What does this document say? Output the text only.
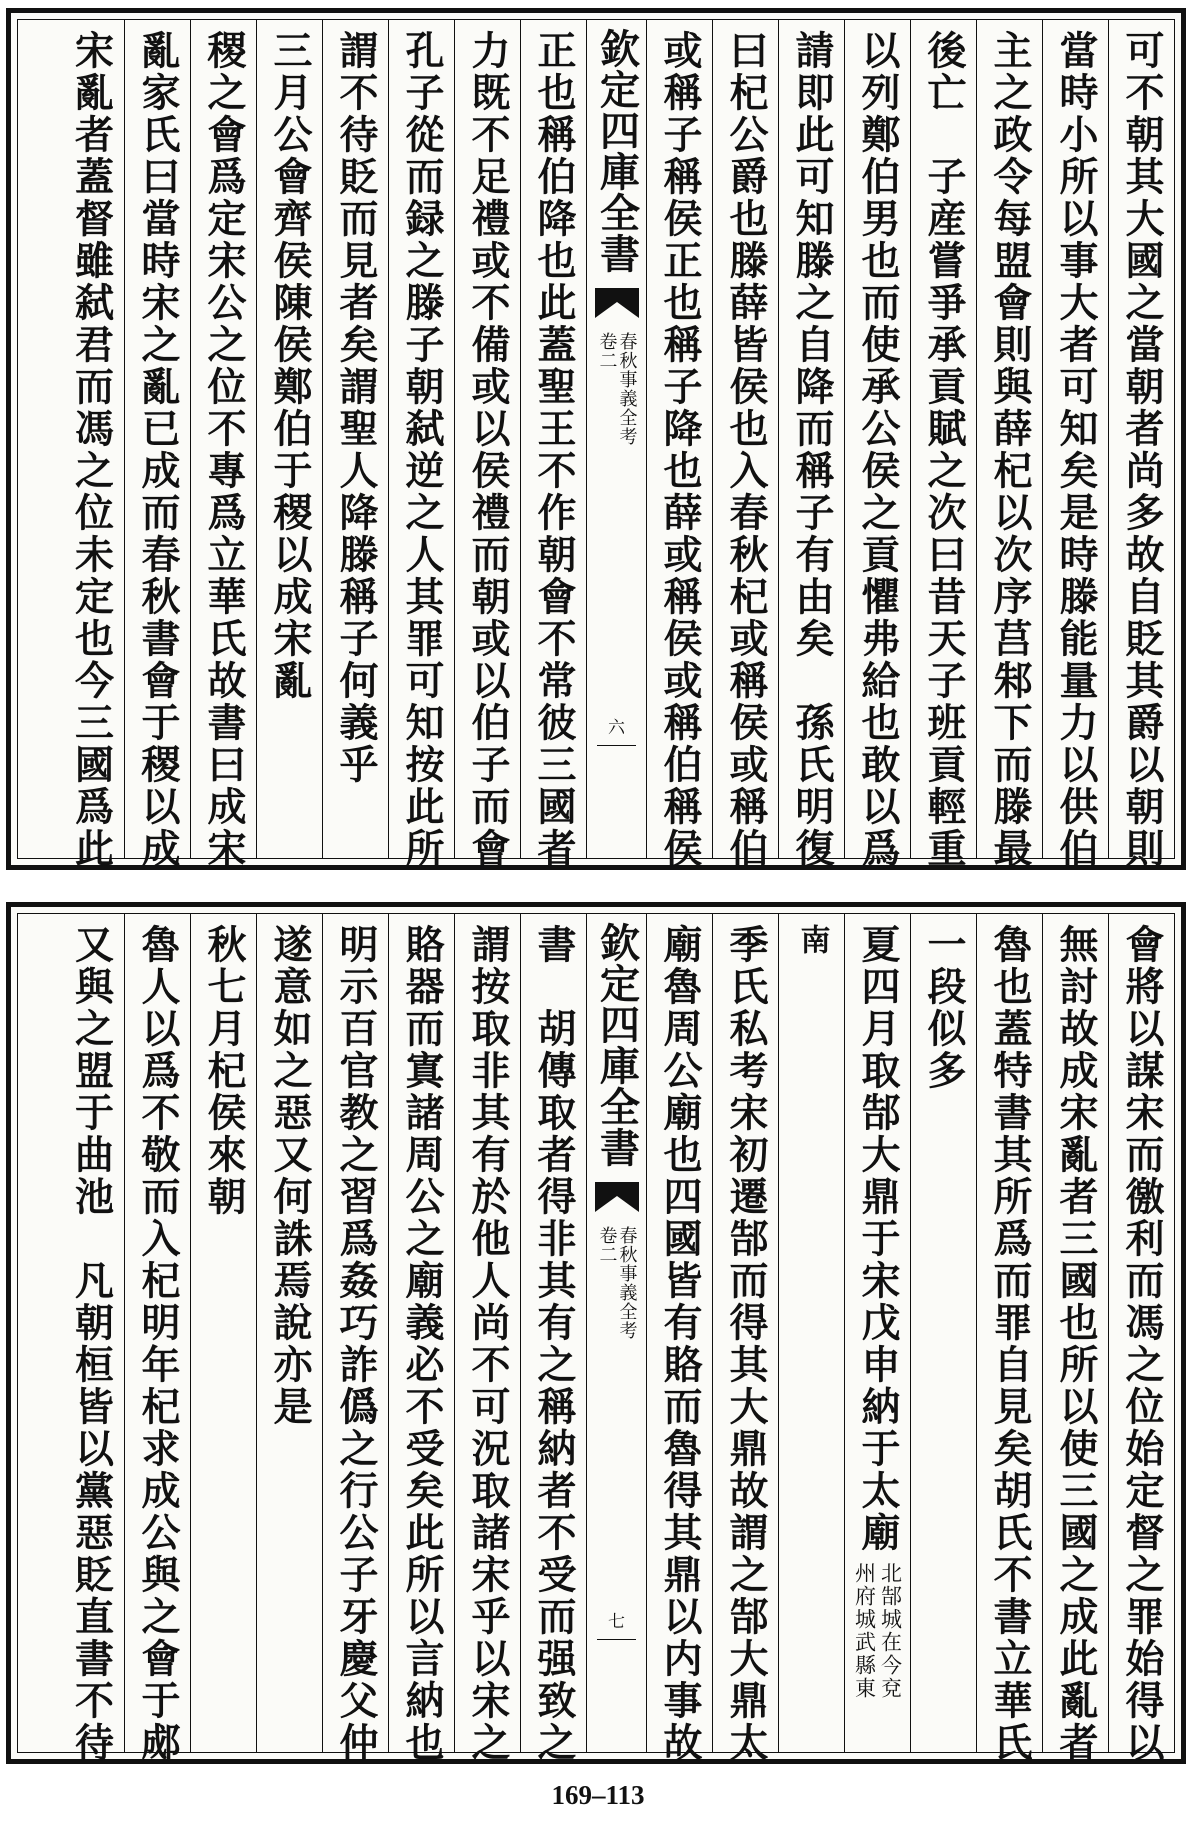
可不朝其大國之當朝者尚多故自貶其爵以朝則
當時小所以事大者可知矣是時滕能量力以供伯
主之政令每盟會則與薛杞以次序莒邾下而滕最
後亡　子産嘗爭承貢賦之次曰昔天子班貢輕重
以列鄭伯男也而使承公侯之貢懼弗給也敢以爲
請即此可知滕之自降而稱子有由矣　孫氏明復
曰杞公爵也滕薛皆侯也入春秋杞或稱侯或稱伯
或稱子稱侯正也稱子降也薛或稱侯或稱伯稱侯
欽定四庫全書
春秋事義全考
卷二
六
正也稱伯降也此蓋聖王不作朝會不常彼三國者
力既不足禮或不備或以侯禮而朝或以伯子而會
孔子從而録之滕子朝弑逆之人其罪可知按此所
謂不待貶而見者矣謂聖人降滕稱子何義乎
三月公會齊侯陳侯鄭伯于稷以成宋亂
稷之會爲定宋公之位不專爲立華氏故書曰成宋
亂家氏曰當時宋之亂已成而春秋書會于稷以成
宋亂者蓋督雖弑君而馮之位未定也今三國爲此
會將以謀宋而徼利而馮之位始定督之罪始得以
無討故成宋亂者三國也所以使三國之成此亂者
魯也蓋特書其所爲而罪自見矣胡氏不書立華氏
一段似多
夏四月取郜大鼎于宋戊申納于太廟
北郜城在今兗
州府城武縣東
南
季氏私考宋初遷郜而得其大鼎故謂之郜大鼎太
廟魯周公廟也四國皆有賂而魯得其鼎以内事故
欽定四庫全書
春秋事義全考
卷二
七
書　胡傳取者得非其有之稱納者不受而强致之
謂按取非其有於他人尚不可況取諸宋乎以宋之
賂器而寘諸周公之廟義必不受矣此所以言納也
明示百官教之習爲姦巧詐僞之行公子牙慶父仲
遂意如之惡又何誅焉說亦是
秋七月杞侯來朝
魯人以爲不敬而入杞明年杞求成公與之會于郕
又與之盟于曲池　凡朝桓皆以黨惡貶直書不待
169–113
